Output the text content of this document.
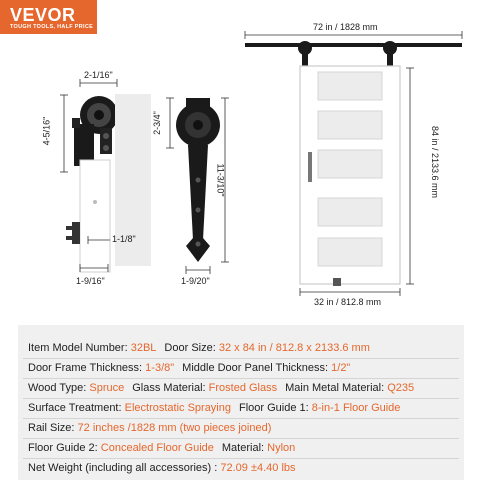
VEVOR
TOUGH TOOLS, HALF PRICE
2-1/16"
4-5/16"
1-1/8"
1-9/16"
2-3/4"
11-3/10"
1-9/20"
72 in / 1828 mm
84 in / 2133.6 mm
32 in / 812.8 mm
Item Model Number: 32BL Door Size: 32 x 84 in / 812.8 x 2133.6 mm
Door Frame Thickness: 1-3/8" Middle Door Panel Thickness: 1/2"
Wood Type: Spruce Glass Material: Frosted Glass Main Metal Material: Q235
Surface Treatment: Electrostatic Spraying Floor Guide 1: 8-in-1 Floor Guide
Rail Size: 72 inches /1828 mm (two pieces joined)
Floor Guide 2: Concealed Floor Guide Material: Nylon
Net Weight (including all accessories) : 72.09 ±4.40 lbs
